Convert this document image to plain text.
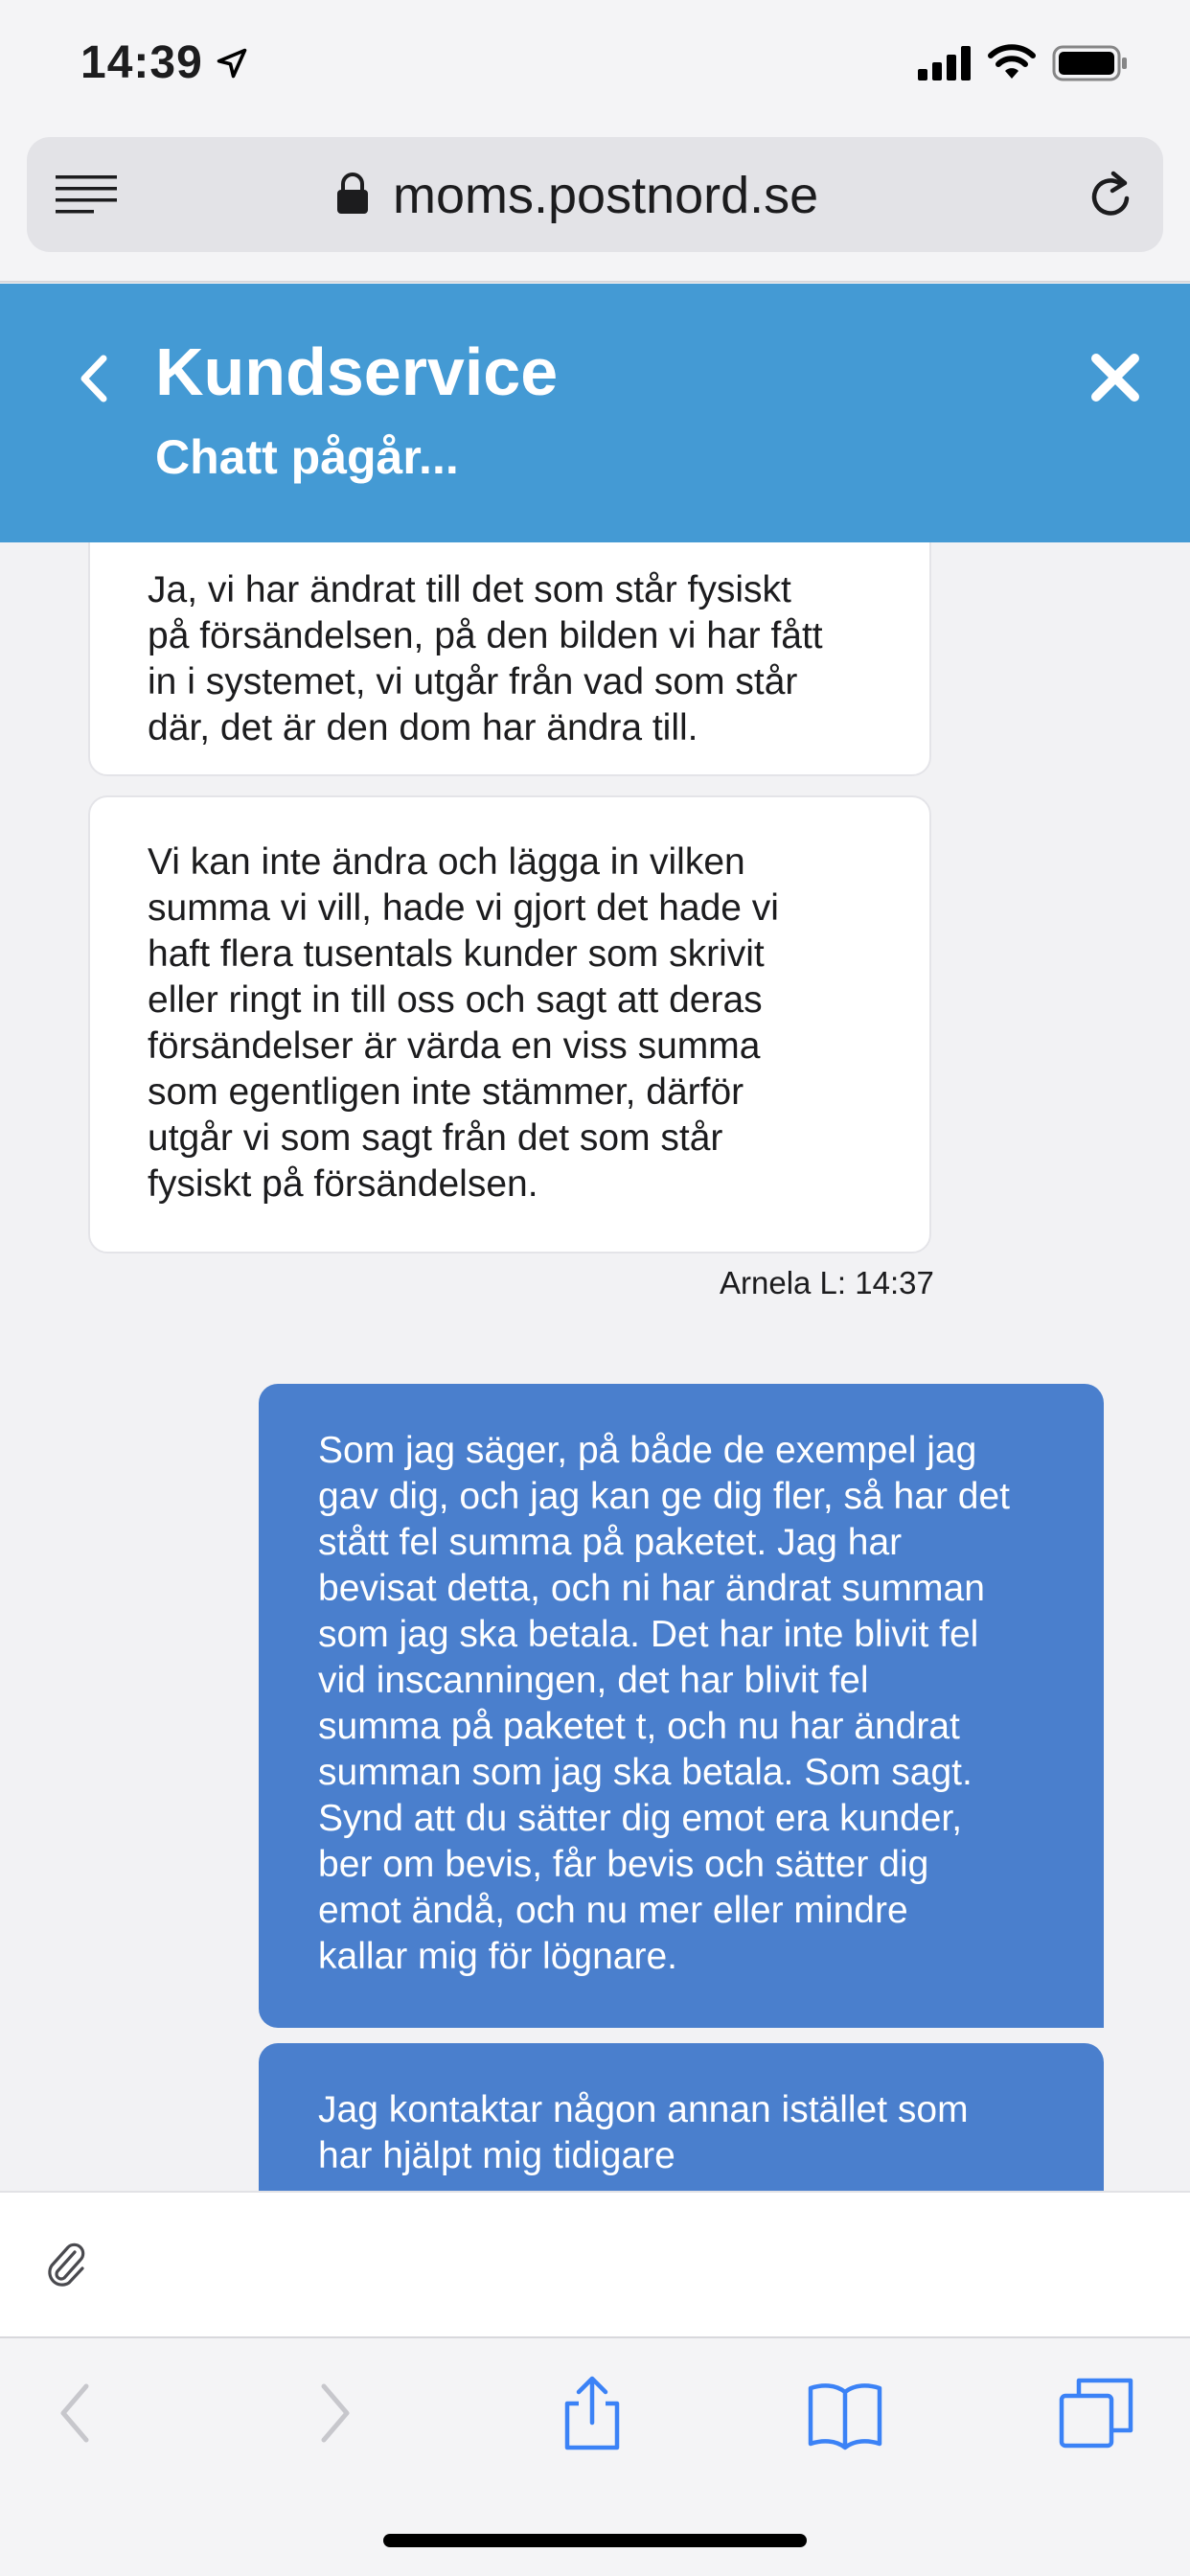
14:39
moms.postnord.se
Kundservice
Chatt pågår...
Ja, vi har ändrat till det som står fysiskt
på försändelsen, på den bilden vi har fått
in i systemet, vi utgår från vad som står
där, det är den dom har ändra till.
Vi kan inte ändra och lägga in vilken
summa vi vill, hade vi gjort det hade vi
haft flera tusentals kunder som skrivit
eller ringt in till oss och sagt att deras
försändelser är värda en viss summa
som egentligen inte stämmer, därför
utgår vi som sagt från det som står
fysiskt på försändelsen.
Arnela L: 14:37
Som jag säger, på både de exempel jag
gav dig, och jag kan ge dig fler, så har det
stått fel summa på paketet. Jag har
bevisat detta, och ni har ändrat summan
som jag ska betala. Det har inte blivit fel
vid inscanningen, det har blivit fel
summa på paketet t, och nu har ändrat
summan som jag ska betala. Som sagt.
Synd att du sätter dig emot era kunder,
ber om bevis, får bevis och sätter dig
emot ändå, och nu mer eller mindre
kallar mig för lögnare.
Jag kontaktar någon annan istället som
har hjälpt mig tidigare
